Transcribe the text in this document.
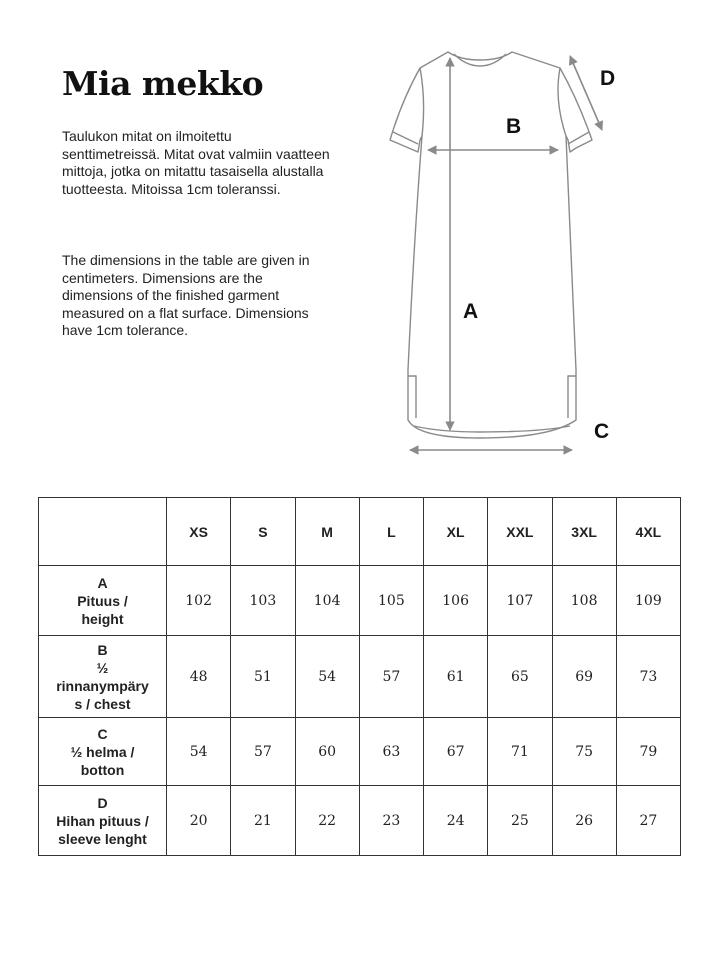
Mia mekko
Taulukon mitat on ilmoitettu senttimetreissä. Mitat ovat valmiin vaatteen mittoja, jotka on mitattu tasaisella alustalla tuotteesta. Mitoissa 1cm toleranssi.
The dimensions in the table are given in centimeters. Dimensions are the dimensions of the finished garment measured on a flat surface. Dimensions have 1cm tolerance.
A
B
C
D
	XS	S	M	L	XL	XXL	3XL	4XL

A
Pituus /
height	102	103	104	105	106	107	108	109

B
½
rinnanympäry
s / chest	48	51	54	57	61	65	69	73

C
½ helma /
botton	54	57	60	63	67	71	75	79

D
Hihan pituus /
sleeve lenght	20	21	22	23	24	25	26	27
